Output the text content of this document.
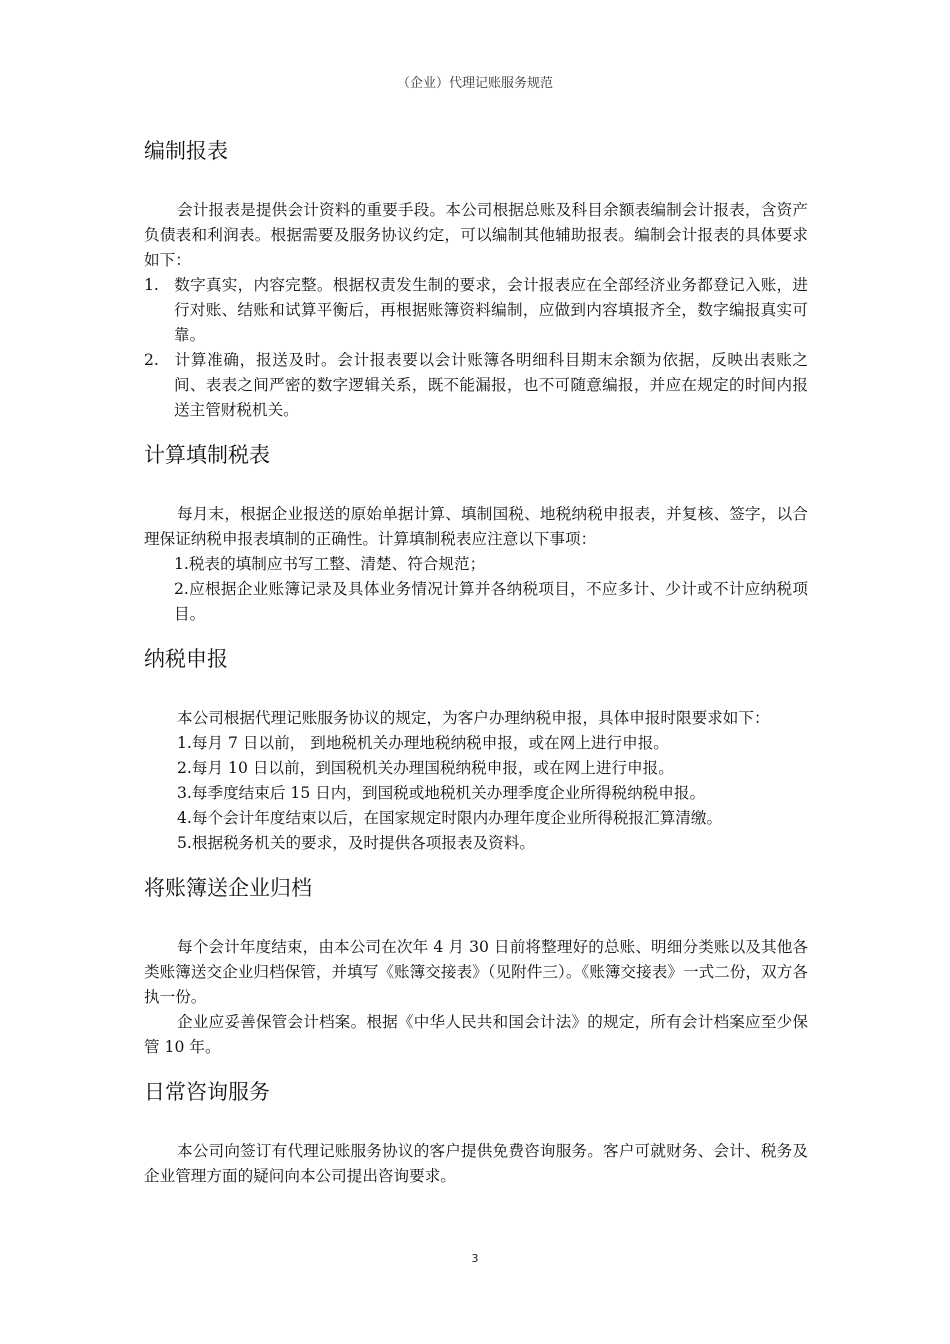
（企业）代理记账服务规范
编制报表
会计报表是提供会计资料的重要手段。本公司根据总账及科目余额表编制会计报表，含资产负债表和利润表。根据需要及服务协议约定，可以编制其他辅助报表。编制会计报表的具体要求如下：
1. 数字真实，内容完整。根据权责发生制的要求，会计报表应在全部经济业务都登记入账，进行对账、结账和试算平衡后，再根据账簿资料编制，应做到内容填报齐全，数字编报真实可靠。
2. 计算准确，报送及时。会计报表要以会计账簿各明细科目期末余额为依据，反映出表账之间、表表之间严密的数字逻辑关系，既不能漏报，也不可随意编报，并应在规定的时间内报送主管财税机关。
计算填制税表
每月末，根据企业报送的原始单据计算、填制国税、地税纳税申报表，并复核、签字，以合理保证纳税申报表填制的正确性。计算填制税表应注意以下事项：
1.税表的填制应书写工整、清楚、符合规范；
2.应根据企业账簿记录及具体业务情况计算并各纳税项目，不应多计、少计或不计应纳税项目。
纳税申报
本公司根据代理记账服务协议的规定，为客户办理纳税申报，具体申报时限要求如下：
1.每月 7 日以前， 到地税机关办理地税纳税申报，或在网上进行申报。
2.每月 10 日以前，到国税机关办理国税纳税申报，或在网上进行申报。
3.每季度结束后 15 日内，到国税或地税机关办理季度企业所得税纳税申报。
4.每个会计年度结束以后，在国家规定时限内办理年度企业所得税报汇算清缴。
5.根据税务机关的要求，及时提供各项报表及资料。
将账簿送企业归档
每个会计年度结束，由本公司在次年 4 月 30 日前将整理好的总账、明细分类账以及其他各类账簿送交企业归档保管，并填写《账簿交接表》（见附件三）。《账簿交接表》一式二份，双方各执一份。
企业应妥善保管会计档案。根据《中华人民共和国会计法》的规定，所有会计档案应至少保管 10 年。
日常咨询服务
本公司向签订有代理记账服务协议的客户提供免费咨询服务。客户可就财务、会计、税务及企业管理方面的疑问向本公司提出咨询要求。
3
